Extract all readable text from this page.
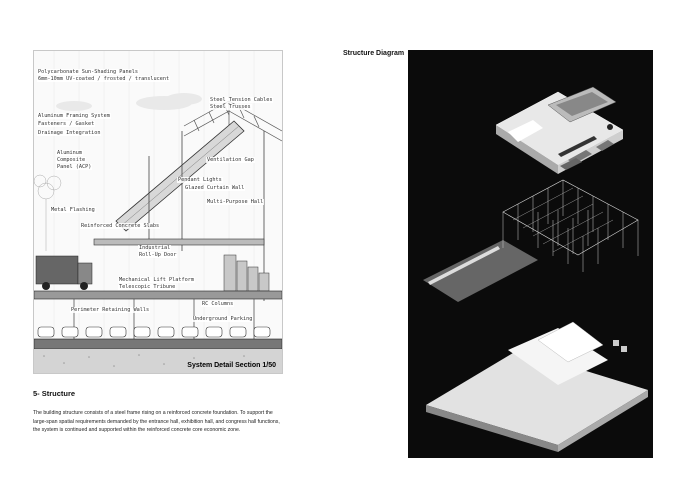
Polycarbonate Sun-Shading Panels
6mm-10mm UV-coated / frosted / translucent
Steel Tension Cables
Steel Trusses
Aluminum Framing System
Fasteners / Gasket
Drainage Integration
Aluminum
Composite
Panel (ACP)
Ventilation Gap
Pendant Lights
Glazed Curtain Wall
Multi-Purpose Hall
Metal Flashing
Reinforced Concrete Slabs
Industrial
Roll-Up Door
Mechanical Lift Platform
Telescopic Tribune
RC Columns
Perimeter Retaining Walls
Underground Parking
System Detail Section 1/50
Structure Diagram
5- Structure
The building structure consists of a steel frame rising on a reinforced concrete foundation. To support the large-span spatial requirements demanded by the entrance hall, exhibition hall, and congress hall functions, the system is continued and supported within the reinforced concrete core economic zone.
